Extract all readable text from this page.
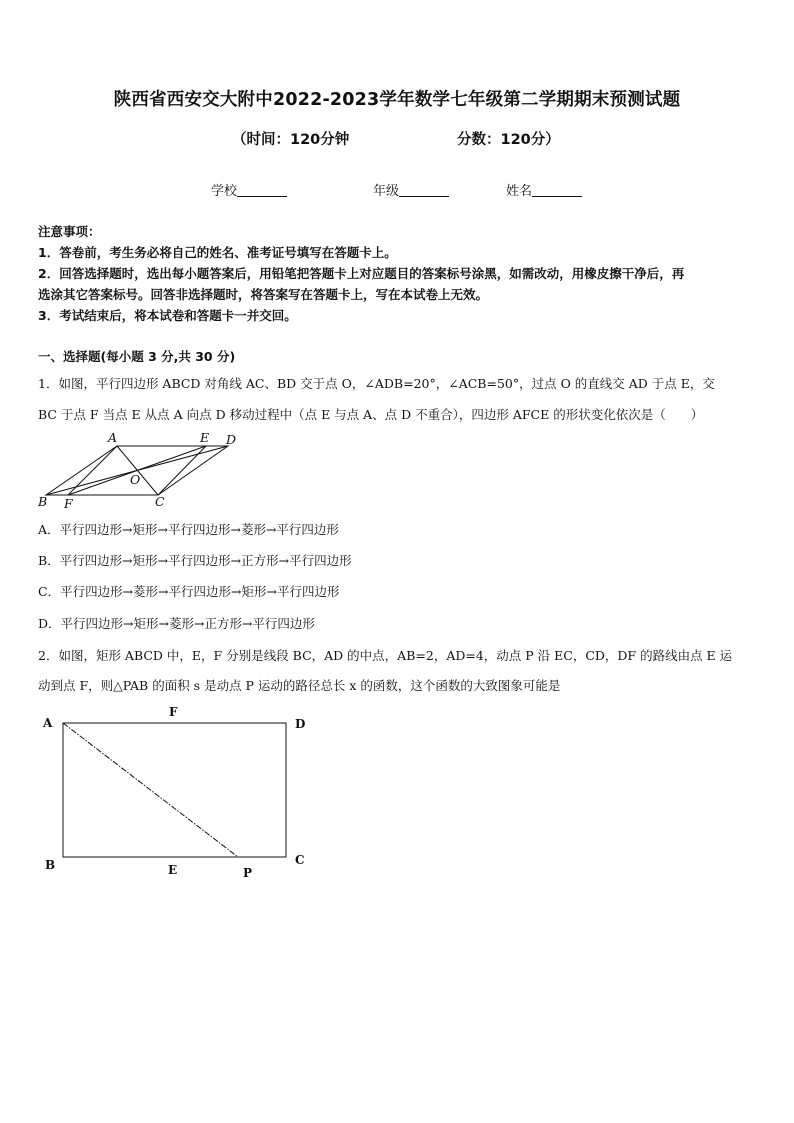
陕西省西安交大附中2022-2023学年数学七年级第二学期期末预测试题
（时间：120分钟	分数：120分）
学校	年级	姓名
注意事项：
1．答卷前，考生务必将自己的姓名、准考证号填写在答题卡上。
2．回答选择题时，选出每小题答案后，用铅笔把答题卡上对应题目的答案标号涂黑，如需改动，用橡皮擦干净后，再
选涂其它答案标号。回答非选择题时，将答案写在答题卡上，写在本试卷上无效。
3．考试结束后，将本试卷和答题卡一并交回。
一、选择题(每小题 3 分,共 30 分)
1．如图，平行四边形 ABCD 对角线 AC、BD 交于点 O，∠ADB=20°，∠ACB=50°，过点 O 的直线交 AD 于点 E，交
BC 于点 F 当点 E 从点 A 向点 D 移动过程中（点 E 与点 A、点 D 不重合），四边形 AFCE 的形状变化依次是（　　）
A	E D
O
B F	C
A．平行四边形→矩形→平行四边形→菱形→平行四边形
B．平行四边形→矩形→平行四边形→正方形→平行四边形
C．平行四边形→菱形→平行四边形→矩形→平行四边形
D．平行四边形→矩形→菱形→正方形→平行四边形
2．如图，矩形 ABCD 中，E，F 分别是线段 BC，AD 的中点，AB=2，AD=4，动点 P 沿 EC，CD，DF 的路线由点 E 运
动到点 F，则△PAB 的面积 s 是动点 P 运动的路径总长 x 的函数，这个函数的大致图象可能是
A
F
D
B	E	P
C
